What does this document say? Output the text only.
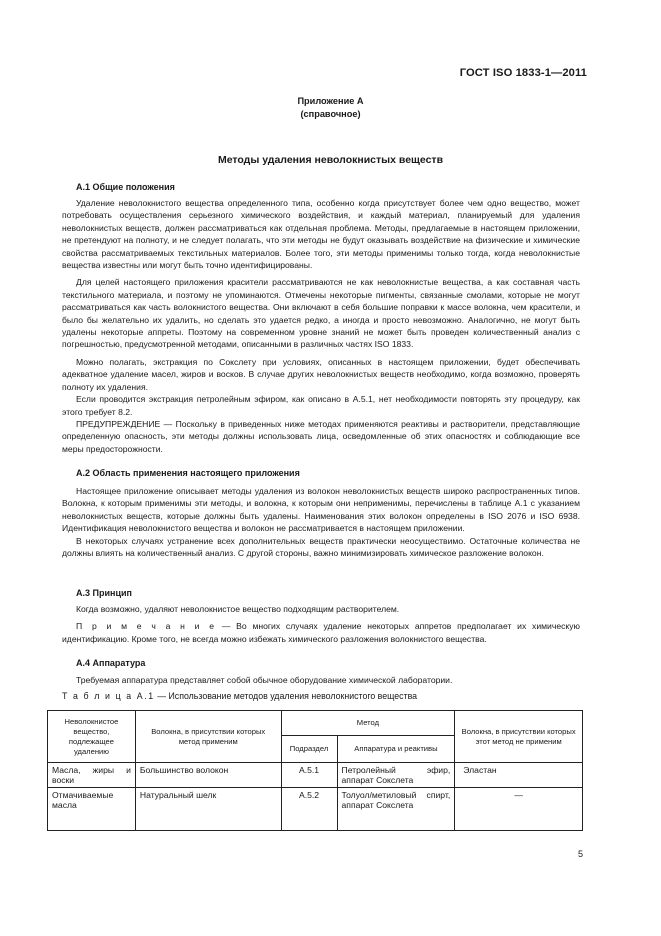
ГОСТ ISO 1833-1—2011
Приложение А
(справочное)
Методы удаления неволокнистых веществ
А.1 Общие положения

Удаление неволокнистого вещества определенного типа, особенно когда присутствует более чем одно вещество, может потребовать осуществления серьезного химического воздействия, и каждый материал, планируемый для удаления неволокнистых веществ, должен рассматриваться как отдельная проблема. Методы, предлагаемые в настоящем приложении, не претендуют на полноту, и не следует полагать, что эти методы не будут оказывать воздействие на физические и химические свойства рассматриваемых текстильных материалов. Более того, эти методы применимы только тогда, когда неволокнистые вещества известны или могут быть точно идентифицированы.

Для целей настоящего приложения красители рассматриваются не как неволокнистые вещества, а как составная часть текстильного материала, и поэтому не упоминаются. Отмечены некоторые пигменты, связанные смолами, которые не могут рассматриваться как часть волокнистого вещества. Они включают в себя большие поправки к массе волокна, чем красители, и было бы желательно их удалить, но сделать это удается редко, а иногда и просто невозможно. Аналогично, не могут быть удалены некоторые аппреты. Поэтому на современном уровне знаний не может быть проведен количественный анализ с погрешностью, предусмотренной методами, описанными в различных частях ISO 1833.

Можно полагать, экстракция по Сокслету при условиях, описанных в настоящем приложении, будет обеспечивать адекватное удаление масел, жиров и восков. В случае других неволокнистых веществ необходимо, когда возможно, проверять полноту их удаления.

Если проводится экстракция петролейным эфиром, как описано в А.5.1, нет необходимости повторять эту процедуру, как этого требует 8.2.

ПРЕДУПРЕЖДЕНИЕ — Поскольку в приведенных ниже методах применяются реактивы и растворители, представляющие определенную опасность, эти методы должны использовать лица, осведомленные об этих опасностях и соблюдающие все меры предосторожности.

А.2 Область применения настоящего приложения

Настоящее приложение описывает методы удаления из волокон неволокнистых веществ широко распространенных типов. Волокна, к которым применимы эти методы, и волокна, к которым они неприменимы, перечислены в таблице А.1 с указанием неволокнистых веществ, которые должны быть удалены. Наименования этих волокон определены в ISO 2076 и ISO 6938. Идентификация неволокнистого вещества и волокон не рассматривается в настоящем приложении.

В некоторых случаях устранение всех дополнительных веществ практически неосуществимо. Остаточные количества не должны влиять на количественный анализ. С другой стороны, важно минимизировать химическое разложение волокон.

А.3 Принцип

Когда возможно, удаляют неволокнистое вещество подходящим растворителем.

П р и м е ч а н и е — Во многих случаях удаление некоторых аппретов предполагает их химическую идентификацию. Кроме того, не всегда можно избежать химического разложения волокнистого вещества.

А.4 Аппаратура

Требуемая аппаратура представляет собой обычное оборудование химической лаборатории.

Т а б л и ц а А.1 — Использование методов удаления неволокнистого вещества
Неволокнистое вещество, подлежащее удалению	Волокна, в присутствии которых метод применим	Метод		Волокна, в присутствии которых этот метод не применим
		Подраздел	Аппаратура и реактивы	
Масла, жиры и воски	Большинство волокон	А.5.1	Петролейный эфир, аппарат Сокслета	Эластан
Отмачиваемые масла	Натуральный шелк	А.5.2	Толуол/метиловый спирт, аппарат Сокслета	—
5
